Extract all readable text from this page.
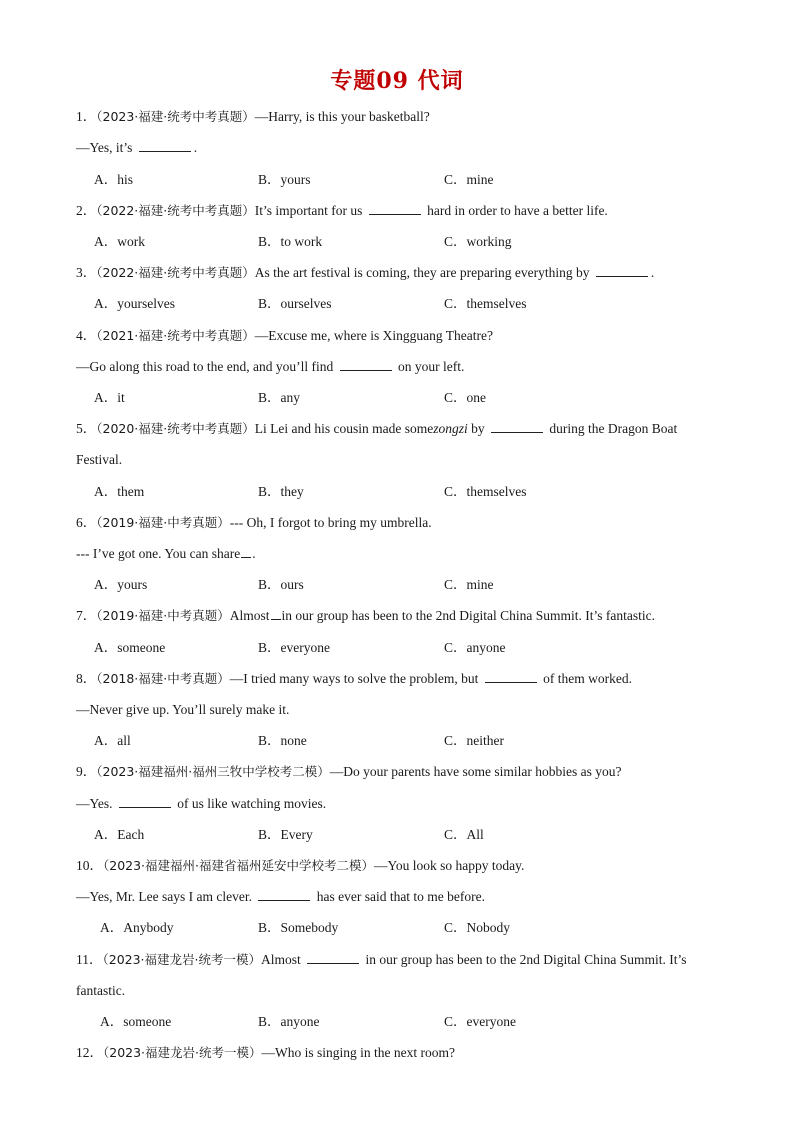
专题09 代词
1．（2023·福建·统考中考真题）—Harry, is this your basketball?
—Yes, it’s	.
A．his	B．yours	C．mine
2．（2022·福建·统考中考真题）It’s important for us	hard in order to have a better life.
A．work	B．to work	C．working
3．（2022·福建·统考中考真题）As the art festival is coming, they are preparing everything by	.
A．yourselves	B．ourselves	C．themselves
4．（2021·福建·统考中考真题）—Excuse me, where is Xingguang Theatre?
—Go along this road to the end, and you’ll find	on your left.
A．it	B．any	C．one
5．（2020·福建·统考中考真题）Li Lei and his cousin made somezongzi by	during the Dragon Boat
Festival.
A．them	B．they	C．themselves
6．（2019·福建·中考真题）--- Oh, I forgot to bring my umbrella.
--- I’ve got one. You can share .
A．yours	B．ours	C．mine
7．（2019·福建·中考真题）Almost in our group has been to the 2nd Digital China Summit. It’s fantastic.
A．someone	B．everyone	C．anyone
8．（2018·福建·中考真题）—I tried many ways to solve the problem, but	of them worked.
—Never give up. You’ll surely make it.
A．all	B．none	C．neither
9．（2023·福建福州·福州三牧中学校考二模）—Do your parents have some similar hobbies as you?
—Yes.	of us like watching movies.
A．Each	B．Every	C．All
10．（2023·福建福州·福建省福州延安中学校考二模）—You look so happy today.
—Yes, Mr. Lee says I am clever.	has ever said that to me before.
A．Anybody	B．Somebody	C．Nobody
11．（2023·福建龙岩·统考一模）Almost	in our group has been to the 2nd Digital China Summit. It’s
fantastic.
A．someone	B．anyone	C．everyone
12．（2023·福建龙岩·统考一模）—Who is singing in the next room?
